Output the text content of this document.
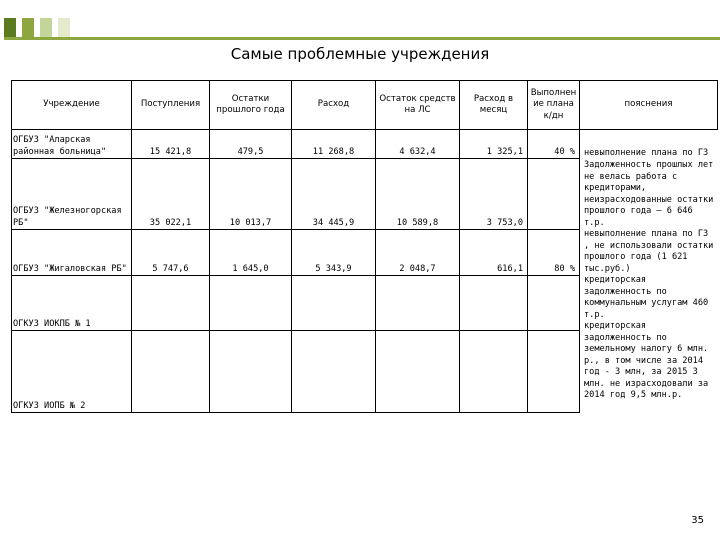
Самые проблемные учреждения
Учреждение	Поступления	Остатки прошлого года	Расход	Остаток средств на ЛС	Расход в месяц	Выполнен ие плана к/дн	пояснения
ОГБУЗ "Аларская районная больница"	15 421,8	479,5	11 268,8	4 632,4	1 325,1	40 %	невыполнение плана по ГЗ
Задолженность прошлых лет не велась работа с кредиторами, неизрасходованные остатки прошлого года – 6 646 т.р.
невыполнение плана по ГЗ , не использовали остатки прошлого года (1 621 тыс.руб.)
кредиторская задолженность по коммунальным услугам 460 т.р.
кредиторская задолженность по земельному налогу 6 млн. р., в том числе за 2014 год - 3 млн, за 2015 3 млн. не израсходовали за 2014 год 9,5 млн.р.

ОГБУЗ "Железногорская РБ"	35 022,1	10 013,7	34 445,9	10 589,8	3 753,0		
ОГБУЗ "Жигаловская РБ"	5 747,6	1 645,0	5 343,9	2 048,7	616,1	80 %	
ОГКУЗ ИОКПБ № 1							
ОГКУЗ ИОПБ № 2							
35
